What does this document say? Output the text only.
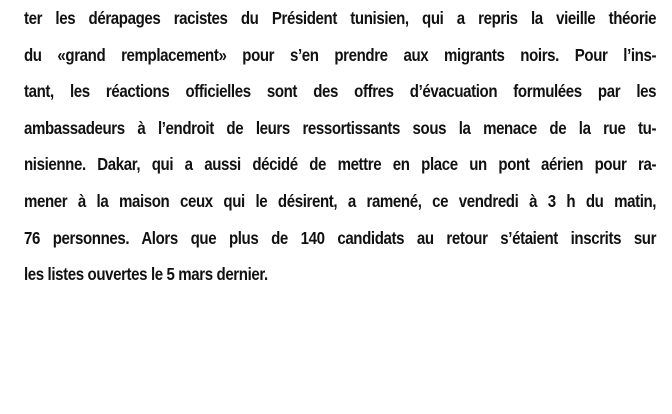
ter les dérapages racistes du Président tunisien, qui a repris la vieille théorie
du «grand remplacement» pour s’en prendre aux migrants noirs. Pour l’ins-
tant, les réactions officielles sont des offres d’évacuation formulées par les
ambassadeurs à l’endroit de leurs ressortissants sous la menace de la rue tu-
nisienne. Dakar, qui a aussi décidé de mettre en place un pont aérien pour ra-
mener à la maison ceux qui le désirent, a ramené, ce vendredi à 3 h du matin,
76 personnes. Alors que plus de 140 candidats au retour s’étaient inscrits sur
les listes ouvertes le 5 mars dernier.
